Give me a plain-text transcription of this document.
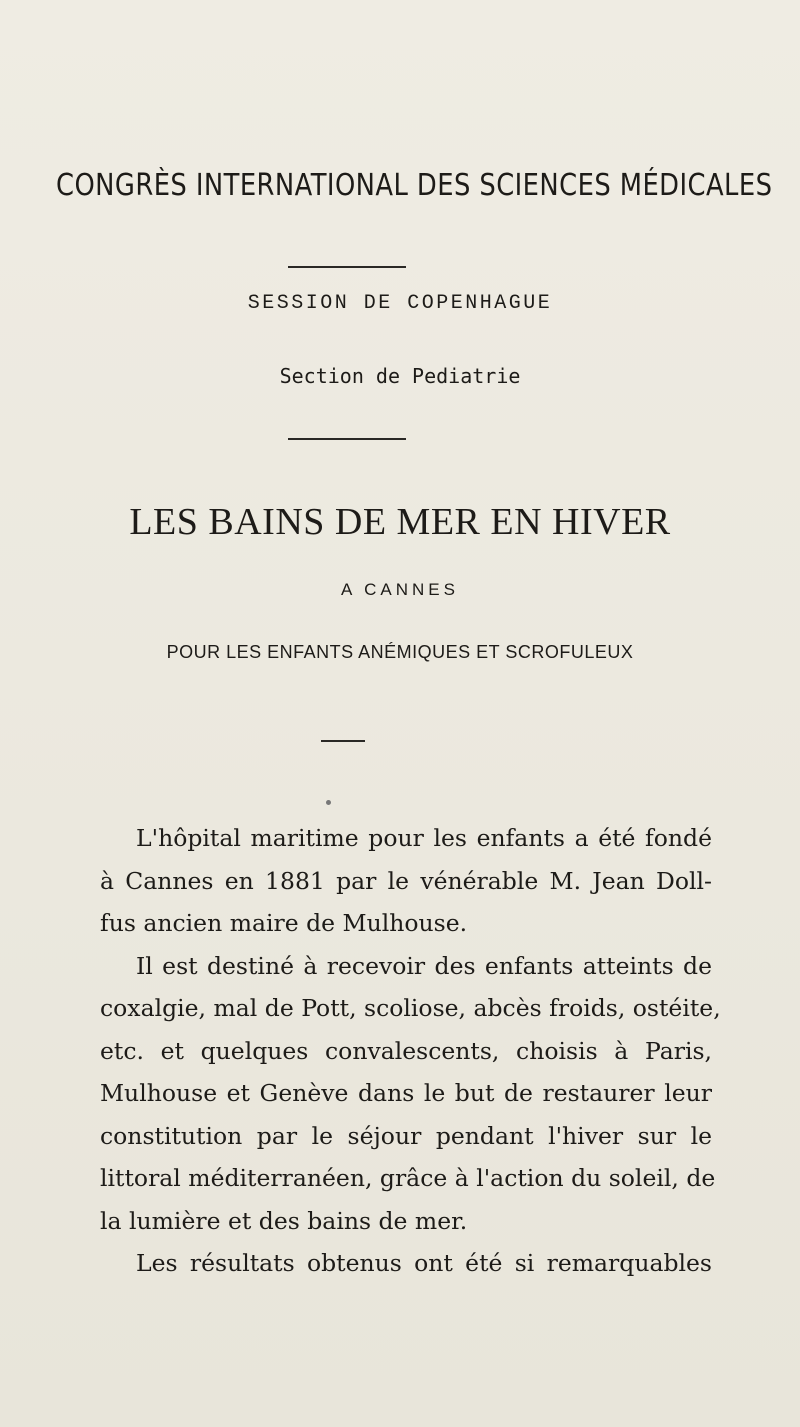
CONGRÈS INTERNATIONAL DES SCIENCES MÉDICALES
SESSION DE COPENHAGUE
Section de Pediatrie
LES BAINS DE MER EN HIVER
A CANNES
POUR LES ENFANTS ANÉMIQUES ET SCROFULEUX

L'hôpital maritime pour les enfants a été fondé
à Cannes en 1881 par le vénérable M. Jean Doll-
fus ancien maire de Mulhouse.

Il est destiné à recevoir des enfants atteints de
coxalgie, mal de Pott, scoliose, abcès froids, ostéite,
etc. et quelques convalescents, choisis à Paris,
Mulhouse et Genève dans le but de restaurer leur
constitution par le séjour pendant l'hiver sur le
littoral méditerranéen, grâce à l'action du soleil, de
la lumière et des bains de mer.

Les résultats obtenus ont été si remarquables
